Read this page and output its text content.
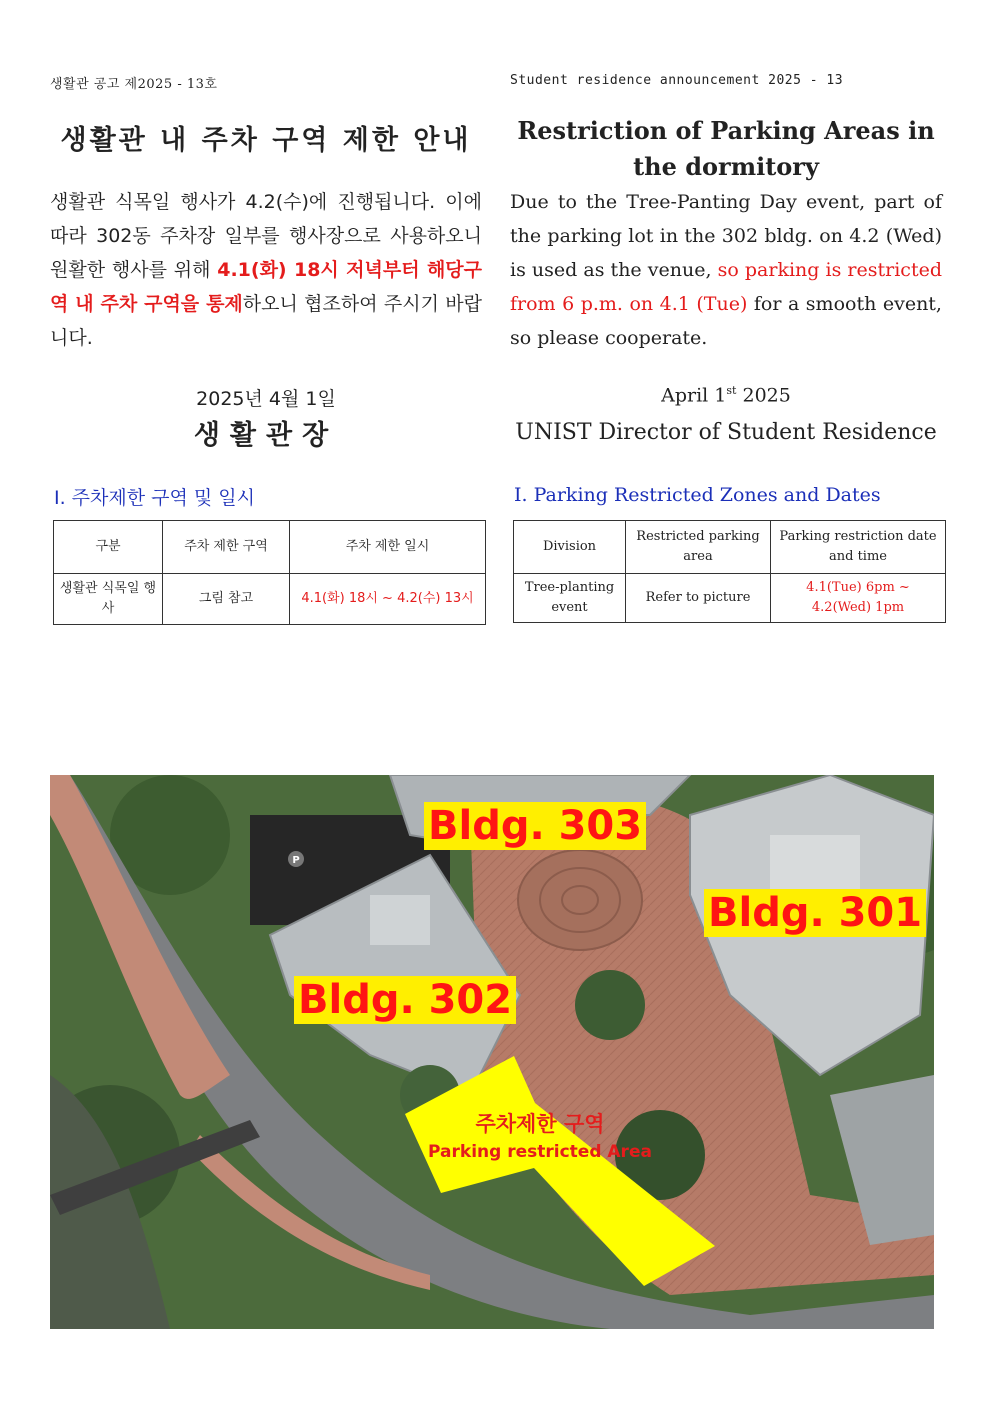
생활관 공고 제2025 - 13호	Student residence announcement 2025 - 13
생활관 내 주차 구역 제한 안내	Restriction of Parking Areas in
the dormitory
생활관 식목일 행사가 4.2(수)에 진행됩니다. 이에 따라 302동 주차장 일부를 행사장으로 사용하오니 원활한 행사를 위해 4.1(화) 18시 저녁부터 해당구역 내 주차 구역을 통제하오니 협조하여 주시기 바랍니다.
Due to the Tree-Panting Day event, part of the parking lot in the 302 bldg. on 4.2 (Wed) is used as the venue, so parking is restricted from 6 p.m. on 4.1 (Tue) for a smooth event, so please cooperate.
2025년 4월 1일
생활관장
April 1st 2025
UNIST Director of Student Residence
Ⅰ. 주차제한 구역 및 일시	Ⅰ. Parking Restricted Zones and Dates
구분	주차 제한 구역	주차 제한 일시
생활관 식목일 행사	그림 참고	4.1(화) 18시 ~ 4.2(수) 13시
Division	Restricted parking area	Parking restriction date and time
Tree-planting event	Refer to picture	4.1(Tue) 6pm ~ 4.2(Wed) 1pm
P
Bldg. 303
Bldg. 301
Bldg. 302
주차제한 구역
Parking restricted Area
